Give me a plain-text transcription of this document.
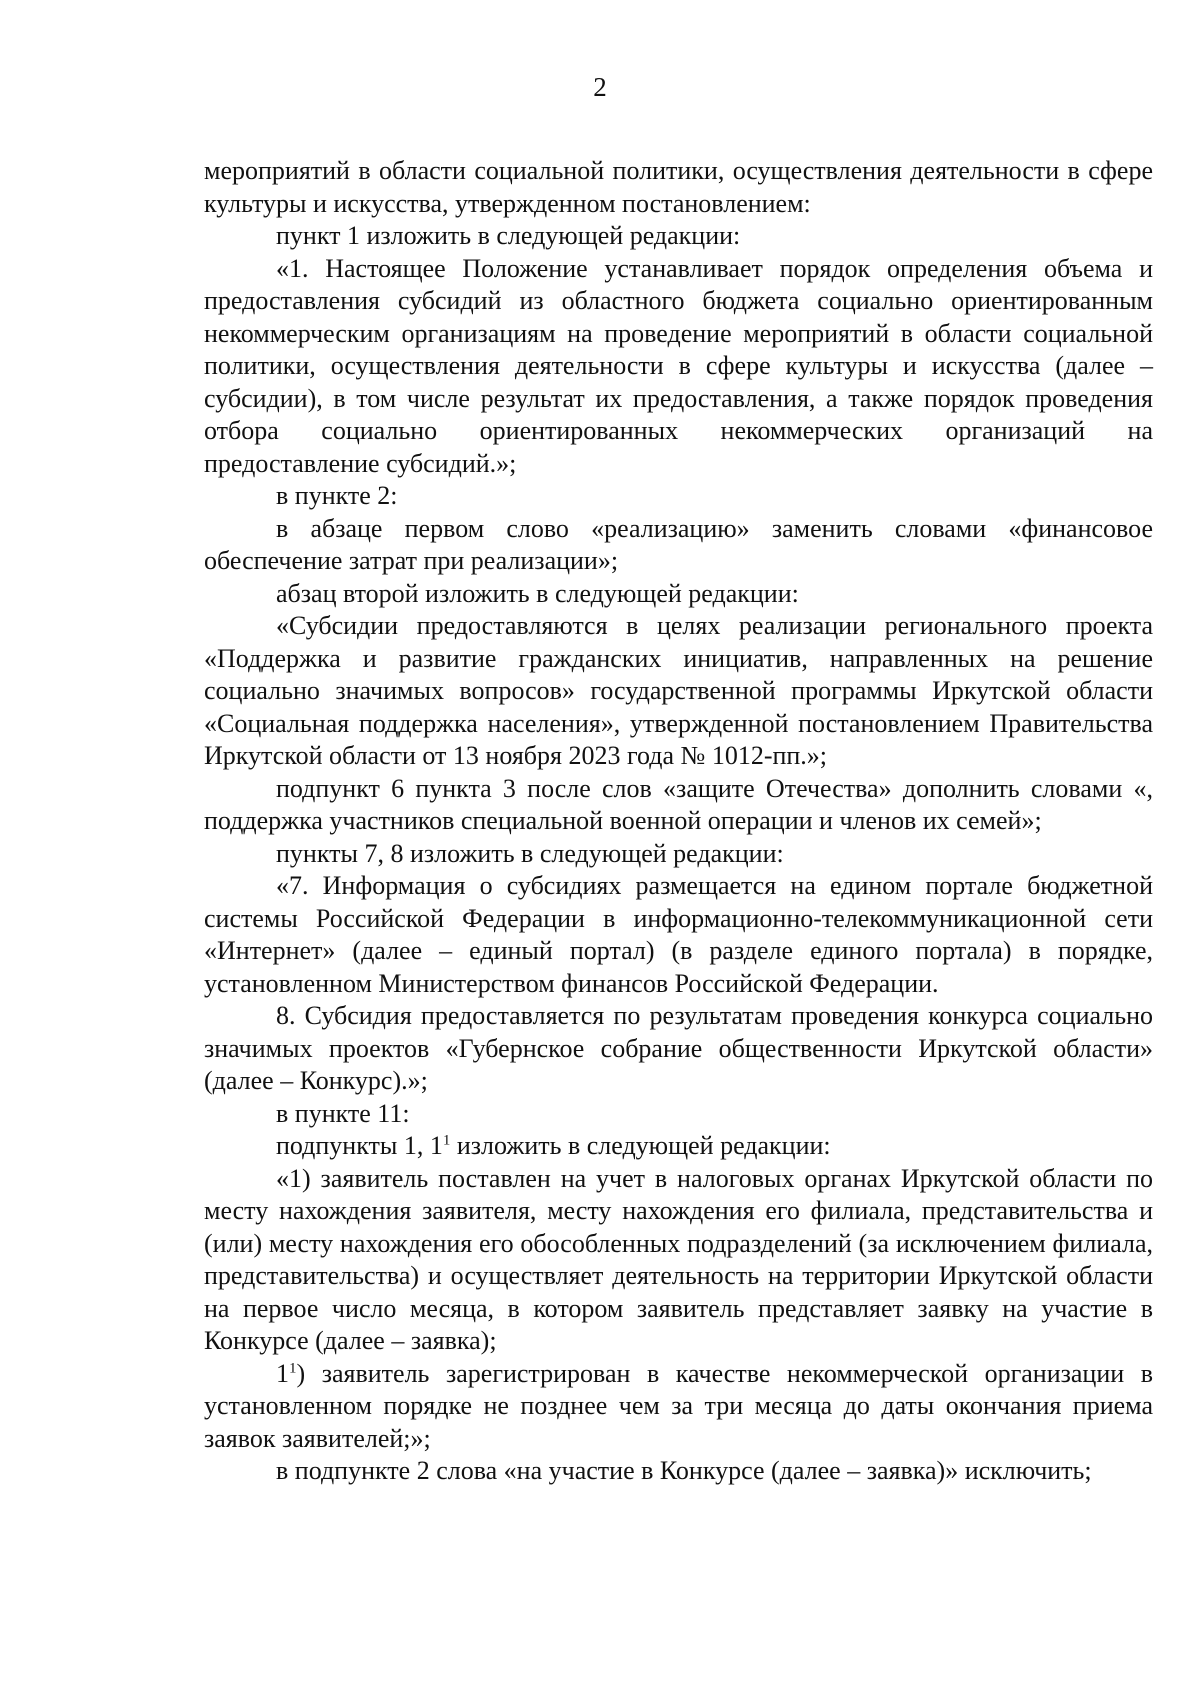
2

мероприятий в области социальной политики, осуществления деятельности в сфере культуры и искусства, утвержденном постановлением:

пункт 1 изложить в следующей редакции:

«1. Настоящее Положение устанавливает порядок определения объема и предоставления субсидий из областного бюджета социально ориентированным некоммерческим организациям на проведение мероприятий в области социальной политики, осуществления деятельности в сфере культуры и искусства (далее – субсидии), в том числе результат их предоставления, а также порядок проведения отбора социально ориентированных некоммерческих организаций на предоставление субсидий.»;

в пункте 2:

в абзаце первом слово «реализацию» заменить словами «финансовое обеспечение затрат при реализации»;

абзац второй изложить в следующей редакции:

«Субсидии предоставляются в целях реализации регионального проекта «Поддержка и развитие гражданских инициатив, направленных на решение социально значимых вопросов» государственной программы Иркутской области «Социальная поддержка населения», утвержденной постановлением Правительства Иркутской области от 13 ноября 2023 года № 1012-пп.»;

подпункт 6 пункта 3 после слов «защите Отечества» дополнить словами «, поддержка участников специальной военной операции и членов их семей»;

пункты 7, 8 изложить в следующей редакции:

«7. Информация о субсидиях размещается на едином портале бюджетной системы Российской Федерации в информационно-телекоммуникационной сети «Интернет» (далее – единый портал) (в разделе единого портала) в порядке, установленном Министерством финансов Российской Федерации.

8. Субсидия предоставляется по результатам проведения конкурса социально значимых проектов «Губернское собрание общественности Иркутской области» (далее – Конкурс).»;

в пункте 11:

подпункты 1, $1^1$ изложить в следующей редакции:

«1) заявитель поставлен на учет в налоговых органах Иркутской области по месту нахождения заявителя, месту нахождения его филиала, представительства и (или) месту нахождения его обособленных подразделений (за исключением филиала, представительства) и осуществляет деятельность на территории Иркутской области на первое число месяца, в котором заявитель представляет заявку на участие в Конкурсе (далее – заявка);

$1^1$) заявитель зарегистрирован в качестве некоммерческой организации в установленном порядке не позднее чем за три месяца до даты окончания приема заявок заявителей;»;

в подпункте 2 слова «на участие в Конкурсе (далее – заявка)» исключить;
